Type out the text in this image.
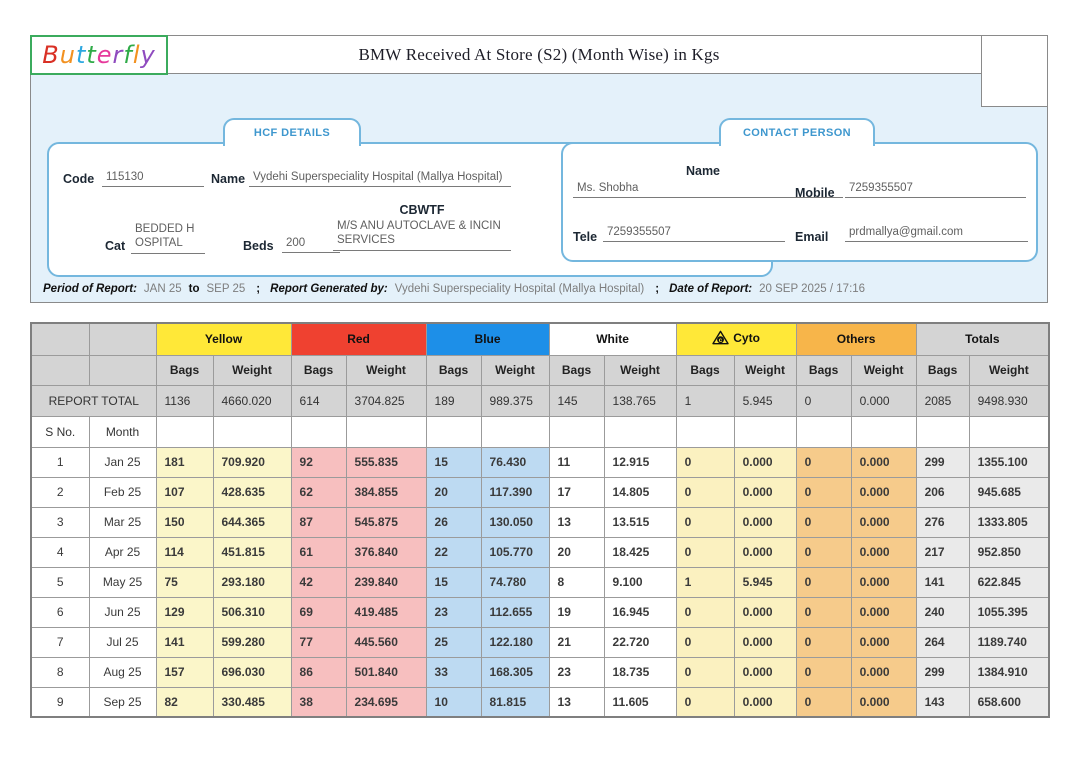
BMW Received At Store (S2) (Month Wise) in Kgs
Butterfly
HCF DETAILS
Code	115130	Name Vydehi Superspeciality Hospital (Mallya Hospital)
CBWTF
M/S ANU AUTOCLAVE & INCIN SERVICES
Cat
BEDDED HOSPITAL	Beds	200
CONTACT PERSON
Name
Ms. Shobha	Mobile	7259355507
Tele 7259355507	Email	prdmallya@gmail.com
Period of Report: JAN 25 to SEP 25 ; Report Generated by: Vydehi Superspeciality Hospital (Mallya Hospital) ; Date of Report: 20 SEP 2025 / 17:16
		Yellow		Red		Blue		White		c Cyto		Others		Totals	
		Bags	Weight	Bags	Weight	Bags	Weight	Bags	Weight	Bags	Weight	Bags	Weight	Bags	Weight
REPORT TOTAL		1136	4660.020	614	3704.825	189	989.375	145	138.765	1	5.945	0	0.000	2085	9498.930
S No.	Month														
1	Jan 25	181	709.920	92	555.835	15	76.430	11	12.915	0	0.000	0	0.000	299	1355.100
2	Feb 25	107	428.635	62	384.855	20	117.390	17	14.805	0	0.000	0	0.000	206	945.685
3	Mar 25	150	644.365	87	545.875	26	130.050	13	13.515	0	0.000	0	0.000	276	1333.805
4	Apr 25	114	451.815	61	376.840	22	105.770	20	18.425	0	0.000	0	0.000	217	952.850
5	May 25	75	293.180	42	239.840	15	74.780	8	9.100	1	5.945	0	0.000	141	622.845
6	Jun 25	129	506.310	69	419.485	23	112.655	19	16.945	0	0.000	0	0.000	240	1055.395
7	Jul 25	141	599.280	77	445.560	25	122.180	21	22.720	0	0.000	0	0.000	264	1189.740
8	Aug 25	157	696.030	86	501.840	33	168.305	23	18.735	0	0.000	0	0.000	299	1384.910
9	Sep 25	82	330.485	38	234.695	10	81.815	13	11.605	0	0.000	0	0.000	143	658.600
